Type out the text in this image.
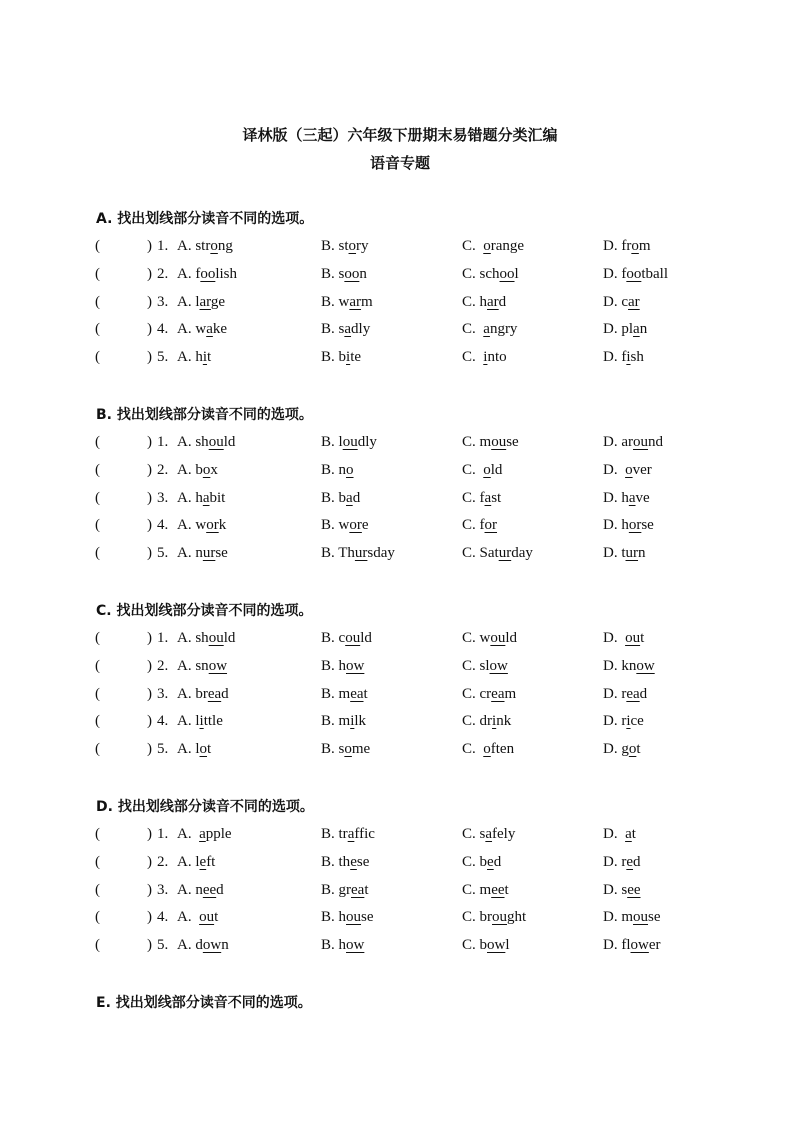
译林版（三起）六年级下册期末易错题分类汇编
语音专题
A. 找出划线部分读音不同的选项。
(	) 1. A. strong	B. story	C.  orange	D. from
(	) 2. A. foolish	B. soon	C. school	D. football
(	) 3. A. large	B. warm	C. hard	D. car
(	) 4. A. wake	B. sadly	C.  angry	D. plan
(	) 5. A. hit	B. bite	C.  into	D. fish
B. 找出划线部分读音不同的选项。
(	) 1. A. should	B. loudly	C. mouse	D. around
(	) 2. A. box	B. no	C.  old	D.  over
(	) 3. A. habit	B. bad	C. fast	D. have
(	) 4. A. work	B. wore	C. for	D. horse
(	) 5. A. nurse	B. Thursday	C. Saturday	D. turn
C. 找出划线部分读音不同的选项。
(	) 1. A. should	B. could	C. would	D.  out
(	) 2. A. snow	B. how	C. slow	D. know
(	) 3. A. bread	B. meat	C. cream	D. read
(	) 4. A. little	B. milk	C. drink	D. rice
(	) 5. A. lot	B. some	C.  often	D. got
D. 找出划线部分读音不同的选项。
(	) 1. A.  apple	B. traffic	C. safely	D.  at
(	) 2. A. left	B. these	C. bed	D. red
(	) 3. A. need	B. great	C. meet	D. see
(	) 4. A.  out	B. house	C. brought	D. mouse
(	) 5. A. down	B. how	C. bowl	D. flower
E. 找出划线部分读音不同的选项。
